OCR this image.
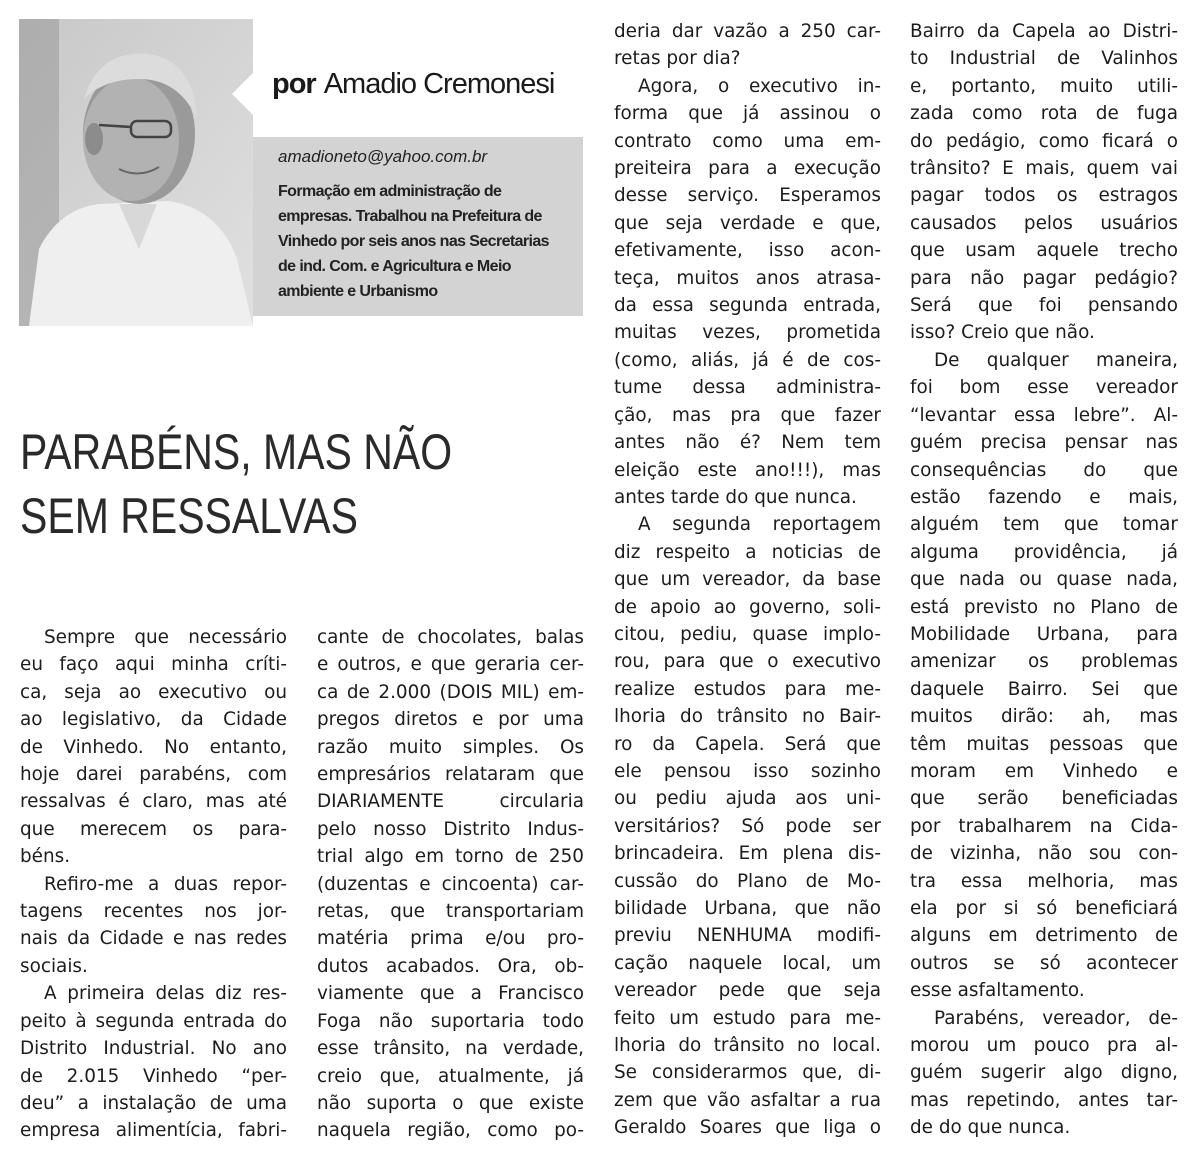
por Amadio Cremonesi
amadioneto@yahoo.com.br
Formação em administração de
empresas. Trabalhou na Prefeitura de
Vinhedo por seis anos nas Secretarias
de ind. Com. e Agricultura e Meio
ambiente e Urbanismo
PARABÉNS, MAS NÃO
SEM RESSALVAS
Sempre que necessário
eu faço aqui minha críti-
ca, seja ao executivo ou
ao legislativo, da Cidade
de Vinhedo. No entanto,
hoje darei parabéns, com
ressalvas é claro, mas até
que merecem os para-
béns.
Refiro-me a duas repor-
tagens recentes nos jor-
nais da Cidade e nas redes
sociais.
A primeira delas diz res-
peito à segunda entrada do
Distrito Industrial. No ano
de 2.015 Vinhedo “per-
deu” a instalação de uma
empresa alimentícia, fabri-
cante de chocolates, balas
e outros, e que geraria cer-
ca de 2.000 (DOIS MIL) em-
pregos diretos e por uma
razão muito simples. Os
empresários relataram que
DIARIAMENTE circularia
pelo nosso Distrito Indus-
trial algo em torno de 250
(duzentas e cincoenta) car-
retas, que transportariam
matéria prima e/ou pro-
dutos acabados. Ora, ob-
viamente que a Francisco
Foga não suportaria todo
esse trânsito, na verdade,
creio que, atualmente, já
não suporta o que existe
naquela região, como po-
deria dar vazão a 250 car-
retas por dia?
Agora, o executivo in-
forma que já assinou o
contrato como uma em-
preiteira para a execução
desse serviço. Esperamos
que seja verdade e que,
efetivamente, isso acon-
teça, muitos anos atrasa-
da essa segunda entrada,
muitas vezes, prometida
(como, aliás, já é de cos-
tume dessa administra-
ção, mas pra que fazer
antes não é? Nem tem
eleição este ano!!!), mas
antes tarde do que nunca.
A segunda reportagem
diz respeito a noticias de
que um vereador, da base
de apoio ao governo, soli-
citou, pediu, quase implo-
rou, para que o executivo
realize estudos para me-
lhoria do trânsito no Bair-
ro da Capela. Será que
ele pensou isso sozinho
ou pediu ajuda aos uni-
versitários? Só pode ser
brincadeira. Em plena dis-
cussão do Plano de Mo-
bilidade Urbana, que não
previu NENHUMA modifi-
cação naquele local, um
vereador pede que seja
feito um estudo para me-
lhoria do trânsito no local.
Se considerarmos que, di-
zem que vão asfaltar a rua
Geraldo Soares que liga o
Bairro da Capela ao Distri-
to Industrial de Valinhos
e, portanto, muito utili-
zada como rota de fuga
do pedágio, como ficará o
trânsito? E mais, quem vai
pagar todos os estragos
causados pelos usuários
que usam aquele trecho
para não pagar pedágio?
Será que foi pensando
isso? Creio que não.
De qualquer maneira,
foi bom esse vereador
“levantar essa lebre”. Al-
guém precisa pensar nas
consequências do que
estão fazendo e mais,
alguém tem que tomar
alguma providência, já
que nada ou quase nada,
está previsto no Plano de
Mobilidade Urbana, para
amenizar os problemas
daquele Bairro. Sei que
muitos dirão: ah, mas
têm muitas pessoas que
moram em Vinhedo e
que serão beneficiadas
por trabalharem na Cida-
de vizinha, não sou con-
tra essa melhoria, mas
ela por si só beneficiará
alguns em detrimento de
outros se só acontecer
esse asfaltamento.
Parabéns, vereador, de-
morou um pouco pra al-
guém sugerir algo digno,
mas repetindo, antes tar-
de do que nunca.
